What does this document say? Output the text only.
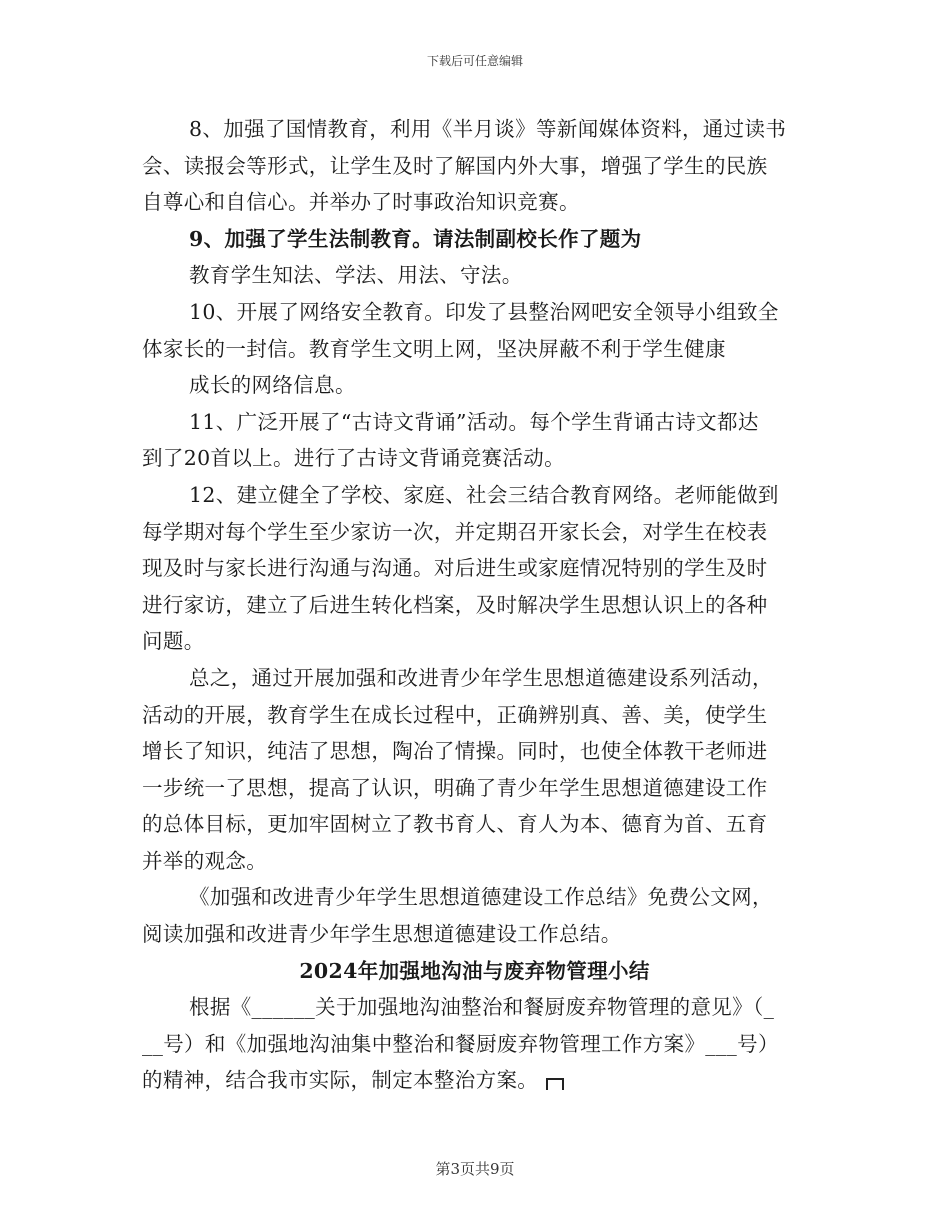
下载后可任意编辑
8、加强了国情教育，利用《半月谈》等新闻媒体资料，通过读书
会、读报会等形式，让学生及时了解国内外大事，增强了学生的民族
自尊心和自信心。并举办了时事政治知识竞赛。
9、加强了学生法制教育。请法制副校长作了题为
教育学生知法、学法、用法、守法。
10、开展了网络安全教育。印发了县整治网吧安全领导小组致全
体家长的一封信。教育学生文明上网，坚决屏蔽不利于学生健康
成长的网络信息。
11、广泛开展了“古诗文背诵”活动。每个学生背诵古诗文都达
到了20首以上。进行了古诗文背诵竞赛活动。
12、建立健全了学校、家庭、社会三结合教育网络。老师能做到
每学期对每个学生至少家访一次，并定期召开家长会，对学生在校表
现及时与家长进行沟通与沟通。对后进生或家庭情况特别的学生及时
进行家访，建立了后进生转化档案，及时解决学生思想认识上的各种
问题。
总之，通过开展加强和改进青少年学生思想道德建设系列活动，
活动的开展，教育学生在成长过程中，正确辨别真、善、美，使学生
增长了知识，纯洁了思想，陶冶了情操。同时，也使全体教干老师进
一步统一了思想，提高了认识，明确了青少年学生思想道德建设工作
的总体目标，更加牢固树立了教书育人、育人为本、德育为首、五育
并举的观念。
《加强和改进青少年学生思想道德建设工作总结》免费公文网，
阅读加强和改进青少年学生思想道德建设工作总结。
2024年加强地沟油与废弃物管理小结
根据《______关于加强地沟油整治和餐厨废弃物管理的意见》（_
__号）和《加强地沟油集中整治和餐厨废弃物管理工作方案》___号）
的精神，结合我市实际，制定本整治方案。
第3页共9页
